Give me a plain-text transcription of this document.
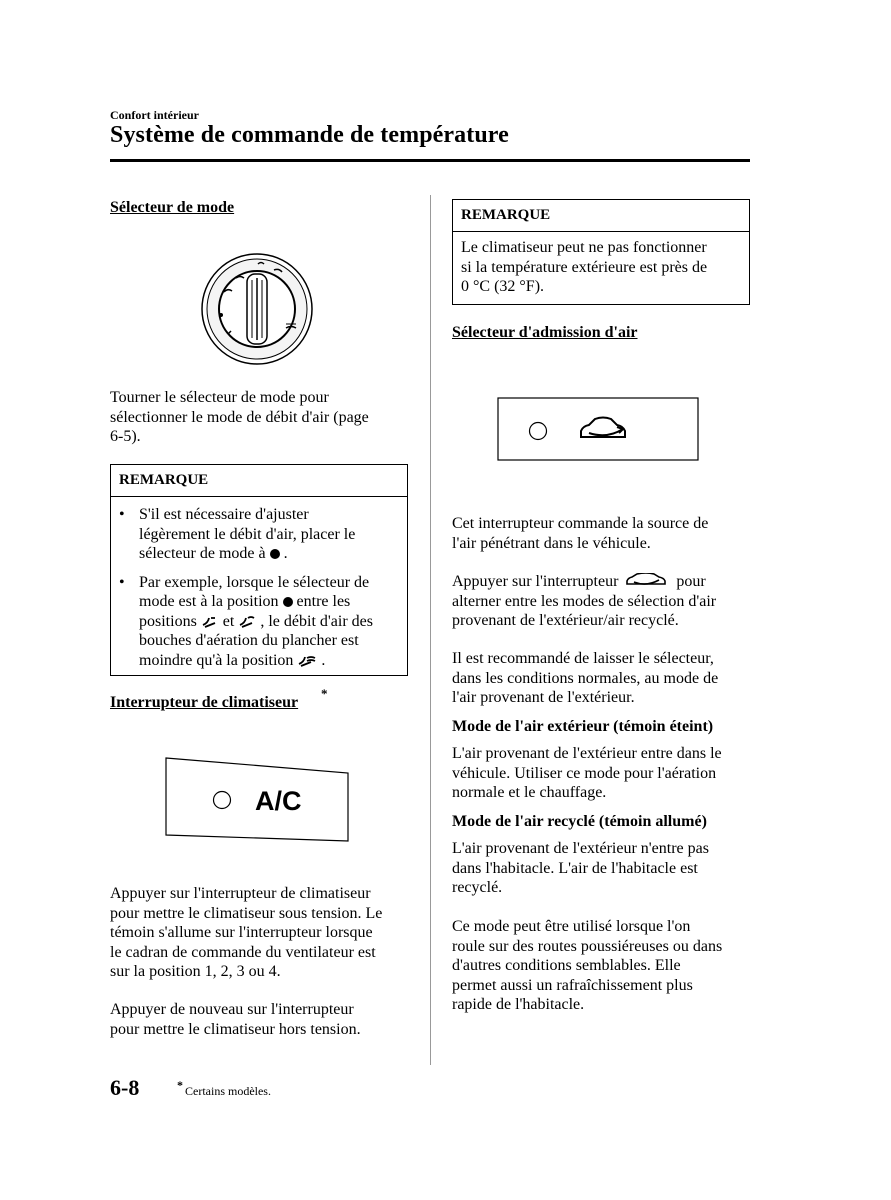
Confort intérieur
Système de commande de température
Sélecteur de mode
Tourner le sélecteur de mode pour
sélectionner le mode de débit d'air (page
6-5).
REMARQUE
• S'il est nécessaire d'ajuster
légèrement le débit d'air, placer le
sélecteur de mode à .
• Par exemple, lorsque le sélecteur de
mode est à la position entre les
positions et , le débit d'air des
bouches d'aération du plancher est
moindre qu'à la position .
Interrupteur de climatiseur
*
A/C
Appuyer sur l'interrupteur de climatiseur
pour mettre le climatiseur sous tension. Le
témoin s'allume sur l'interrupteur lorsque
le cadran de commande du ventilateur est
sur la position 1, 2, 3 ou 4.
Appuyer de nouveau sur l'interrupteur
pour mettre le climatiseur hors tension.
REMARQUE
Le climatiseur peut ne pas fonctionner
si la température extérieure est près de
0 °C (32 °F).
Sélecteur d'admission d'air
Cet interrupteur commande la source de
l'air pénétrant dans le véhicule.
Appuyer sur l'interrupteur	pour
alterner entre les modes de sélection d'air
provenant de l'extérieur/air recyclé.
Il est recommandé de laisser le sélecteur,
dans les conditions normales, au mode de
l'air provenant de l'extérieur.
Mode de l'air extérieur (témoin éteint)
L'air provenant de l'extérieur entre dans le
véhicule. Utiliser ce mode pour l'aération
normale et le chauffage.
Mode de l'air recyclé (témoin allumé)
L'air provenant de l'extérieur n'entre pas
dans l'habitacle. L'air de l'habitacle est
recyclé.
Ce mode peut être utilisé lorsque l'on
roule sur des routes poussiéreuses ou dans
d'autres conditions semblables. Elle
permet aussi un rafraîchissement plus
rapide de l'habitacle.
6-8	* Certains modèles.
